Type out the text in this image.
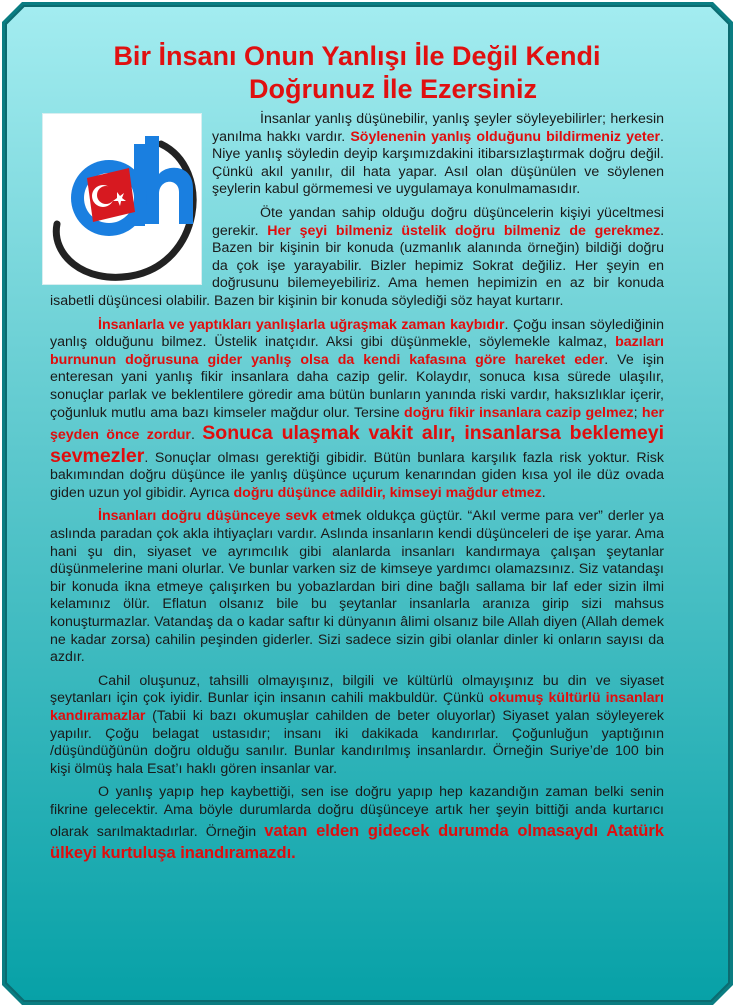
Bir İnsanı Onun Yanlışı İle Değil Kendi
Doğrunuz İle Ezersiniz

İnsanlar yanlış düşünebilir, yanlış şeyler söyleyebilirler; herkesin yanılma hakkı vardır. Söylenenin yanlış olduğunu bildirmeniz yeter. Niye yanlış söyledin deyip karşımızdakini itibarsızlaştırmak doğru değil. Çünkü akıl yanılır, dil hata yapar. Asıl olan düşünülen ve söylenen şeylerin kabul görmemesi ve uygulamaya konulmamasıdır.

Öte yandan sahip olduğu doğru düşüncelerin kişiyi yüceltmesi gerekir. Her şeyi bilmeniz üstelik doğru bilmeniz de gerekmez. Bazen bir kişinin bir konuda (uzmanlık alanında örneğin) bildiği doğru da çok işe yarayabilir. Bizler hepimiz Sokrat değiliz. Her şeyin en doğrusunu bilemeyebiliriz. Ama hemen hepimizin en az bir konuda isabetli düşüncesi olabilir. Bazen bir kişinin bir konuda söylediği söz hayat kurtarır.

İnsanlarla ve yaptıkları yanlışlarla uğraşmak zaman kaybıdır. Çoğu insan söylediğinin yanlış olduğunu bilmez. Üstelik inatçıdır. Aksi gibi düşünmekle, söylemekle kalmaz, bazıları burnunun doğrusuna gider yanlış olsa da kendi kafasına göre hareket eder. Ve işin enteresan yani yanlış fikir insanlara daha cazip gelir. Kolaydır, sonuca kısa sürede ulaşılır, sonuçlar parlak ve beklentilere göredir ama bütün bunların yanında riski vardır, haksızlıklar içerir, çoğunluk mutlu ama bazı kimseler mağdur olur. Tersine doğru fikir insanlara cazip gelmez; her şeyden önce zordur. Sonuca ulaşmak vakit alır, insanlarsa beklemeyi sevmezler. Sonuçlar olması gerektiği gibidir. Bütün bunlara karşılık fazla risk yoktur. Risk bakımından doğru düşünce ile yanlış düşünce uçurum kenarından giden kısa yol ile düz ovada giden uzun yol gibidir. Ayrıca doğru düşünce adildir, kimseyi mağdur etmez.

İnsanları doğru düşünceye sevk etmek oldukça güçtür. “Akıl verme para ver” derler ya aslında paradan çok akla ihtiyaçları vardır. Aslında insanların kendi düşünceleri de işe yarar. Ama hani şu din, siyaset ve ayrımcılık gibi alanlarda insanları kandırmaya çalışan şeytanlar düşünmelerine mani olurlar. Ve bunlar varken siz de kimseye yardımcı olamazsınız. Siz vatandaşı bir konuda ikna etmeye çalışırken bu yobazlardan biri dine bağlı sallama bir laf eder sizin ilmi kelamınız ölür. Eflatun olsanız bile bu şeytanlar insanlarla aranıza girip sizi mahsus konuşturmazlar. Vatandaş da o kadar saftır ki dünyanın âlimi olsanız bile Allah diyen (Allah demek ne kadar zorsa) cahilin peşinden giderler. Sizi sadece sizin gibi olanlar dinler ki onların sayısı da azdır.

Cahil oluşunuz, tahsilli olmayışınız, bilgili ve kültürlü olmayışınız bu din ve siyaset şeytanları için çok iyidir. Bunlar için insanın cahili makbuldür. Çünkü okumuş kültürlü insanları kandıramazlar (Tabii ki bazı okumuşlar cahilden de beter oluyorlar) Siyaset yalan söyleyerek yapılır. Çoğu belagat ustasıdır; insanı iki dakikada kandırırlar. Çoğunluğun yaptığının /düşündüğünün doğru olduğu sanılır. Bunlar kandırılmış insanlardır. Örneğin Suriye’de 100 bin kişi ölmüş hala Esat’ı haklı gören insanlar var.

O yanlış yapıp hep kaybettiği, sen ise doğru yapıp hep kazandığın zaman belki senin fikrine gelecektir. Ama böyle durumlarda doğru düşünceye artık her şeyin bittiği anda kurtarıcı olarak sarılmaktadırlar. Örneğin vatan elden gidecek durumda olmasaydı Atatürk ülkeyi kurtuluşa inandıramazdı.
